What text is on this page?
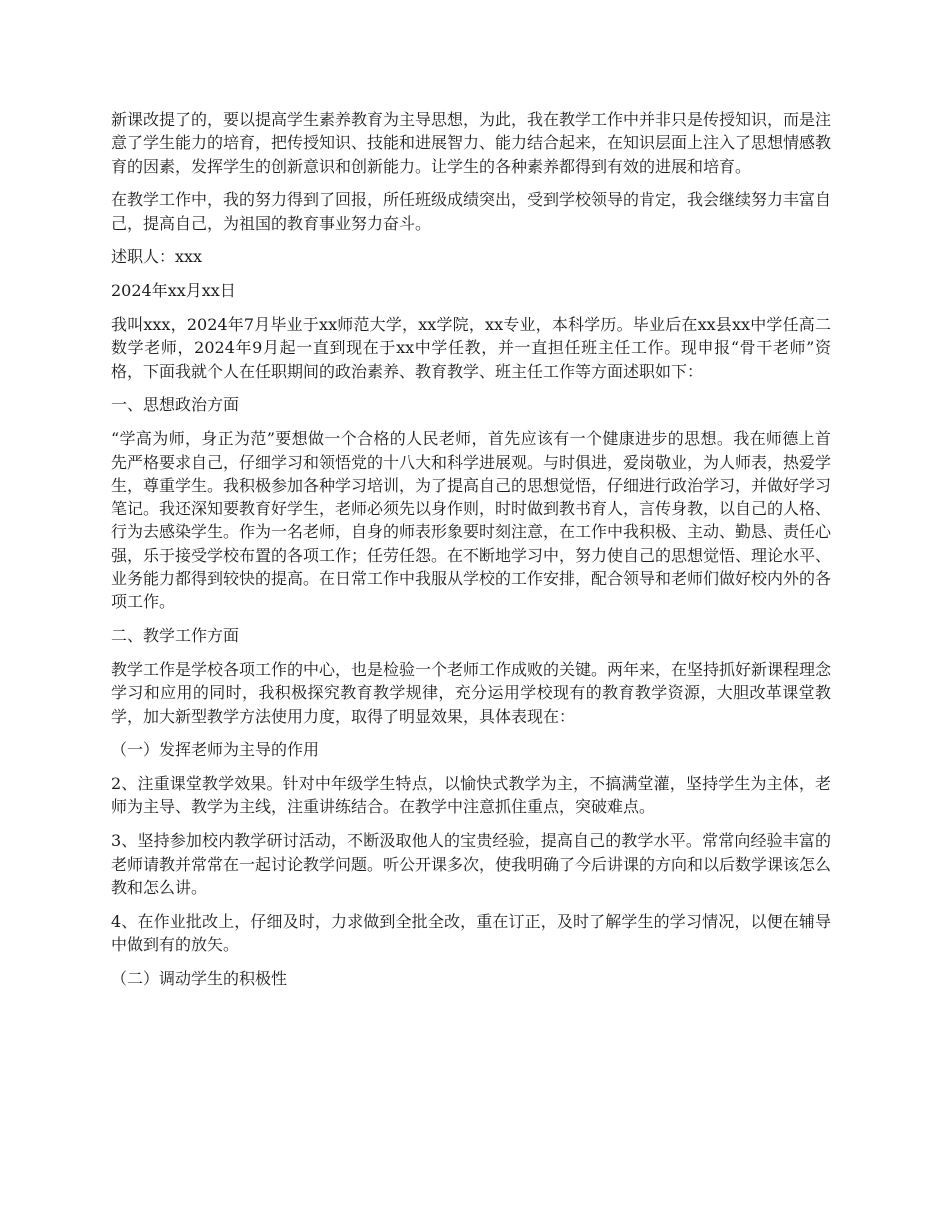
新课改提了的，要以提高学生素养教育为主导思想，为此，我在教学工作中并非只是传授知识，而是注意了学生能力的培育，把传授知识、技能和进展智力、能力结合起来，在知识层面上注入了思想情感教育的因素，发挥学生的创新意识和创新能力。让学生的各种素养都得到有效的进展和培育。

在教学工作中，我的努力得到了回报，所任班级成绩突出，受到学校领导的肯定，我会继续努力丰富自己，提高自己，为祖国的教育事业努力奋斗。

述职人：xxx

2024年xx月xx日

我叫xxx，2024年7月毕业于xx师范大学，xx学院，xx专业，本科学历。毕业后在xx县xx中学任高二数学老师，2024年9月起一直到现在于xx中学任教，并一直担任班主任工作。现申报“骨干老师”资格，下面我就个人在任职期间的政治素养、教育教学、班主任工作等方面述职如下：

一、思想政治方面

“学高为师，身正为范”要想做一个合格的人民老师，首先应该有一个健康进步的思想。我在师德上首先严格要求自己，仔细学习和领悟党的十八大和科学进展观。与时俱进，爱岗敬业，为人师表，热爱学生，尊重学生。我积极参加各种学习培训，为了提高自己的思想觉悟，仔细进行政治学习，并做好学习笔记。我还深知要教育好学生，老师必须先以身作则，时时做到教书育人，言传身教，以自己的人格、行为去感染学生。作为一名老师，自身的师表形象要时刻注意，在工作中我积极、主动、勤恳、责任心强，乐于接受学校布置的各项工作；任劳任怨。在不断地学习中，努力使自己的思想觉悟、理论水平、业务能力都得到较快的提高。在日常工作中我服从学校的工作安排，配合领导和老师们做好校内外的各项工作。

二、教学工作方面

教学工作是学校各项工作的中心，也是检验一个老师工作成败的关键。两年来，在坚持抓好新课程理念学习和应用的同时，我积极探究教育教学规律，充分运用学校现有的教育教学资源，大胆改革课堂教学，加大新型教学方法使用力度，取得了明显效果，具体表现在：

（一）发挥老师为主导的作用

2、注重课堂教学效果。针对中年级学生特点，以愉快式教学为主，不搞满堂灌，坚持学生为主体，老师为主导、教学为主线，注重讲练结合。在教学中注意抓住重点，突破难点。

3、坚持参加校内教学研讨活动，不断汲取他人的宝贵经验，提高自己的教学水平。常常向经验丰富的老师请教并常常在一起讨论教学问题。听公开课多次，使我明确了今后讲课的方向和以后数学课该怎么教和怎么讲。

4、在作业批改上，仔细及时，力求做到全批全改，重在订正，及时了解学生的学习情况，以便在辅导中做到有的放矢。

（二）调动学生的积极性
